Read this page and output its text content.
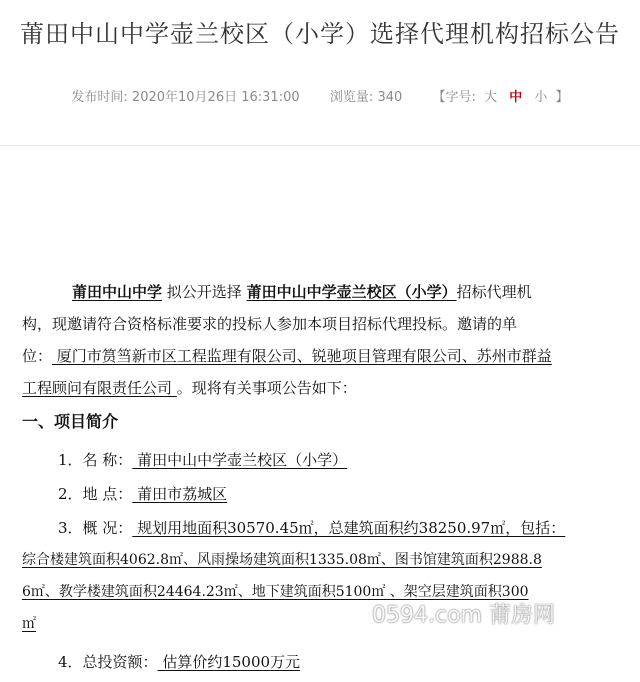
莆田中山中学壶兰校区（小学）选择代理机构招标公告
发布时间: 2020年10月26日 16:31:00 浏览量: 340 【字号: 大 中 小 】
莆田中山中学 拟公开选择 莆田中山中学壶兰校区（小学）招标代理机
构，现邀请符合资格标准要求的投标人参加本项目招标代理投标。邀请的单
位： 厦门市筼筜新市区工程监理有限公司、锐驰项目管理有限公司、苏州市群益
工程顾问有限责任公司 。现将有关事项公告如下：
一、项目简介
1．名 称： 莆田中山中学壶兰校区（小学）
2．地 点： 莆田市荔城区
3．概 况： 规划用地面积30570.45㎡，总建筑面积约38250.97㎡，包括：
综合楼建筑面积4062.8㎡、风雨操场建筑面积1335.08㎡、图书馆建筑面积2988.8
6㎡、教学楼建筑面积24464.23㎡、地下建筑面积5100㎡ 、架空层建筑面积300
㎡
4．总投资额： 估算价约15000万元
0594.com 莆房网
